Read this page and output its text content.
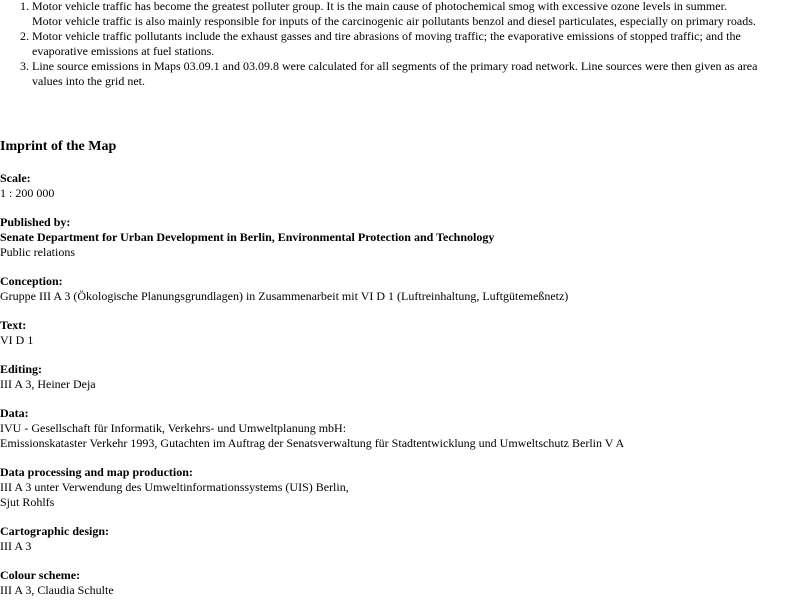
1. Motor vehicle traffic has become the greatest polluter group. It is the main cause of photochemical smog with excessive ozone levels in summer.
Motor vehicle traffic is also mainly responsible for inputs of the carcinogenic air pollutants benzol and diesel particulates, especially on primary roads.
2. Motor vehicle traffic pollutants include the exhaust gasses and tire abrasions of moving traffic; the evaporative emissions of stopped traffic; and the
evaporative emissions at fuel stations.
3. Line source emissions in Maps 03.09.1 and 03.09.8 were calculated for all segments of the primary road network. Line sources were then given as area
values into the grid net.
Imprint of the Map
Scale:
1 : 200 000
Published by:
Senate Department for Urban Development in Berlin, Environmental Protection and Technology
Public relations
Conception:
Gruppe III A 3 (Ökologische Planungsgrundlagen) in Zusammenarbeit mit VI D 1 (Luftreinhaltung, Luftgütemeßnetz)
Text:
VI D 1
Editing:
III A 3, Heiner Deja
Data:
IVU - Gesellschaft für Informatik, Verkehrs- und Umweltplanung mbH:
Emissionskataster Verkehr 1993, Gutachten im Auftrag der Senatsverwaltung für Stadtentwicklung und Umweltschutz Berlin V A
Data processing and map production:
III A 3 unter Verwendung des Umweltinformationssystems (UIS) Berlin,
Sjut Rohlfs
Cartographic design:
III A 3
Colour scheme:
III A 3, Claudia Schulte
